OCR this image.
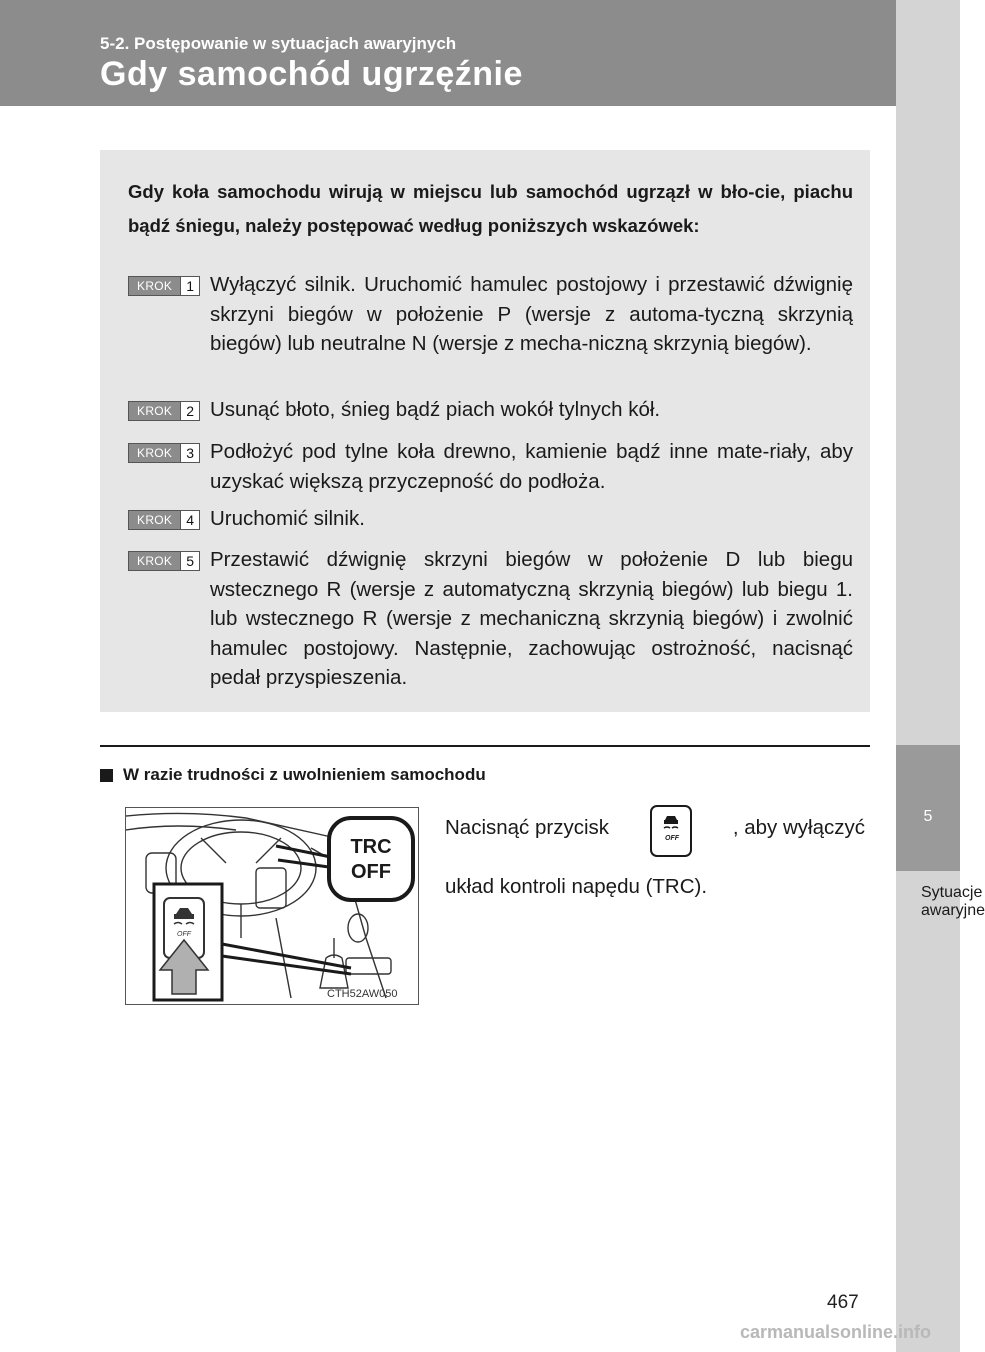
5-2. Postępowanie w sytuacjach awaryjnych
Gdy samochód ugrzęźnie
5
Sytuacje awaryjne
Gdy koła samochodu wirują w miejscu lub samochód ugrzązł w bło-cie, piachu bądź śniegu, należy postępować według poniższych wskazówek:
KROK 1 Wyłączyć silnik. Uruchomić hamulec postojowy i przestawić dźwignię skrzyni biegów w położenie P (wersje z automa-tyczną skrzynią biegów) lub neutralne N (wersje z mecha-niczną skrzynią biegów).
KROK 2 Usunąć błoto, śnieg bądź piach wokół tylnych kół.
KROK 3 Podłożyć pod tylne koła drewno, kamienie bądź inne mate-riały, aby uzyskać większą przyczepność do podłoża.
KROK 4 Uruchomić silnik.
KROK 5 Przestawić dźwignię skrzyni biegów w położenie D lub biegu wstecznego R (wersje z automatyczną skrzynią biegów) lub biegu 1. lub wstecznego R (wersje z mechaniczną skrzynią biegów) i zwolnić hamulec postojowy. Następnie, zachowując ostrożność, nacisnąć pedał przyspieszenia.
W razie trudności z uwolnieniem samochodu
OFF
TRC
OFF
CTH52AW050
Nacisnąć przycisk	OFF	, aby wyłączyć
układ kontroli napędu (TRC).
467
carmanualsonline.info
